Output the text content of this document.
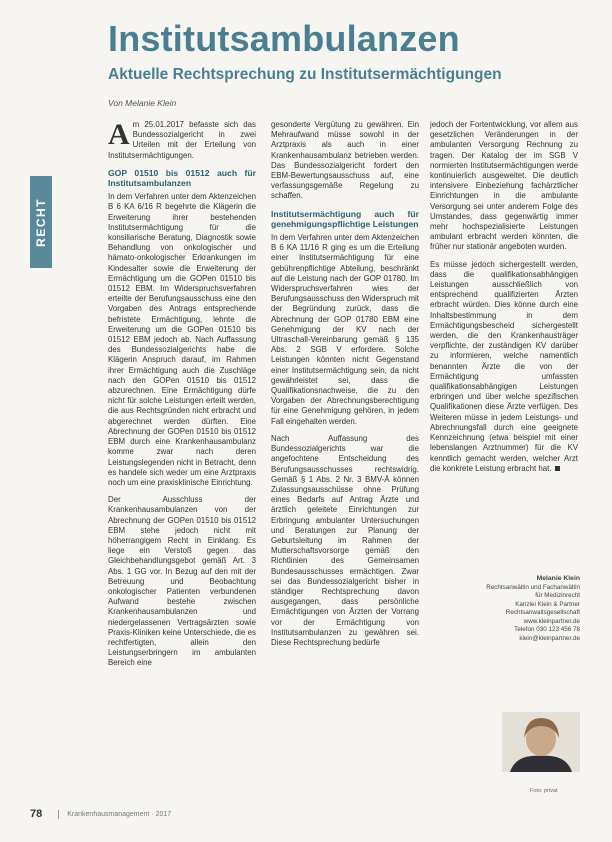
RECHT
Institutsambulanzen
Aktuelle Rechtsprechung zu Institutsermächtigungen
Von Melanie Klein

Am 25.01.2017 befasste sich das Bundessozialgericht in zwei Urteilen mit der Erteilung von Institutsermächtigungen.

GOP 01510 bis 01512 auch für Institutsambulanzen

In dem Verfahren unter dem Aktenzeichen B 6 KA 6/16 R begehrte die Klägerin die Erweiterung ihrer bestehenden Institutsermächtigung für die konsiliarische Beratung, Diagnostik sowie Behandlung von onkologischer und hämato-onkologischer Erkrankungen im Kindesalter sowie die Erweiterung der Ermächtigung um die GOPen 01510 bis 01512 EBM. Im Widerspruchsverfahren erteilte der Berufungsausschuss eine den Vorgaben des Antrags entsprechende befristete Ermächtigung, lehnte die Erweiterung um die GOPen 01510 bis 01512 EBM jedoch ab. Nach Auffassung des Bundessozialgerichts habe die Klägerin Anspruch darauf, im Rahmen ihrer Ermächtigung auch die Zuschläge nach den GOPen 01510 bis 01512 abzurechnen. Eine Ermächtigung dürfe nicht für solche Leistungen erteilt werden, die aus Rechtsgründen nicht erbracht und abgerechnet werden dürften. Eine Abrechnung der GOPen 01510 bis 01512 EBM durch eine Krankenhausambulanz komme zwar nach deren Leistungslegenden nicht in Betracht, denn es handele sich weder um eine Arztpraxis noch um eine praxisklinische Einrichtung.

Der Ausschluss der Krankenhausambulanzen von der Abrechnung der GOPen 01510 bis 01512 EBM stehe jedoch nicht mit höherrangigem Recht in Einklang. Es liege ein Verstoß gegen das Gleichbehandlungsgebot gemäß Art. 3 Abs. 1 GG vor. In Bezug auf den mit der Betreuung und Beobachtung onkologischer Patienten verbundenen Aufwand bestehe zwischen Krankenhausambulanzen und niedergelassenen Vertragsärzten sowie Praxis-Kliniken keine Unterschiede, die es rechtfertigten, allein den Leistungserbringern im ambulanten Bereich eine

gesonderte Vergütung zu gewähren. Ein Mehraufwand müsse sowohl in der Arztpraxis als auch in einer Krankenhausambulanz betrieben werden. Das Bundessozialgericht fordert den EBM-Bewertungsausschuss auf, eine verfassungsgemäße Regelung zu schaffen.

Institutsermächtigung auch für genehmigungspflichtige Leistungen

In dem Verfahren unter dem Aktenzeichen B 6 KA 11/16 R ging es um die Erteilung einer Institutsermächtigung für eine gebührenpflichtige Abteilung, beschränkt auf die Leistung nach der GOP 01780. Im Widerspruchsverfahren wies der Berufungsausschuss den Widerspruch mit der Begründung zurück, dass die Abrechnung der GOP 01780 EBM eine Genehmigung der KV nach der Ultraschall-Vereinbarung gemäß § 135 Abs. 2 SGB V erfordere. Solche Leistungen könnten nicht Gegenstand einer Institutsermächtigung sein, da nicht gewährleistet sei, dass die Qualifikationsnachweise, die zu den Vorgaben der Abrechnungsberechtigung für eine Genehmigung gehören, in jedem Fall eingehalten werden.

Nach Auffassung des Bundessozialgerichts war die angefochtene Entscheidung des Berufungsausschusses rechtswidrig. Gemäß § 1 Abs. 2 Nr. 3 BMV-Ä können Zulassungsausschüsse ohne Prüfung eines Bedarfs auf Antrag Ärzte und ärztlich geleitete Einrichtungen zur Erbringung ambulanter Untersuchungen und Beratungen zur Planung der Geburtsleitung im Rahmen der Mutterschaftsvorsorge gemäß den Richtlinien des Gemeinsamen Bundesausschusses ermächtigen. Zwar sei das Bundessozialgericht bisher in ständiger Rechtsprechung davon ausgegangen, dass persönliche Ermächtigungen von Ärzten der Vorrang vor der Ermächtigung von Institutsambulanzen zu gewähren sei. Diese Rechtsprechung bedürfe

jedoch der Fortentwicklung, vor allem aus gesetzlichen Veränderungen in der ambulanten Versorgung Rechnung zu tragen. Der Katalog der im SGB V normierten Institutsermächtigungen werde kontinuierlich ausgeweitet. Die deutlich intensivere Einbeziehung fachärztlicher Einrichtungen in die ambulante Versorgung sei unter anderem Folge des Umstandes, dass gegenwärtig immer mehr hochspezialisierte Leistungen ambulant erbracht werden könnten, die früher nur stationär angeboten wurden.

Es müsse jedoch sichergestellt werden, dass die qualifikationsabhängigen Leistungen ausschließlich von entsprechend qualifizierten Ärzten erbracht würden. Dies könne durch eine Inhaltsbestimmung in dem Ermächtigungsbescheid sichergestellt werden, die den Krankenhausträger verpflichte, der zuständigen KV darüber zu informieren, welche namentlich benannten Ärzte die von der Ermächtigung umfassten qualifikationsabhängigen Leistungen erbringen und über welche spezifischen Qualifikationen diese Ärzte verfügen. Des Weiteren müsse in jedem Leistungs- und Abrechnungsfall durch eine geeignete Kennzeichnung (etwa beispiel mit einer lebenslangen Arztnummer) für die KV kenntlich gemacht werden, welcher Arzt die konkrete Leistung erbracht hat.

Melanie Klein
Rechtsanwältin und Fachanwältin
für Medizinrecht
Kanzlei Klein & Partner
Rechtsanwaltsgesellschaft
www.kleinpartner.de
Telefon 030 123 456 78
klein@kleinpartner.de
Foto: privat
78	Krankenhausmanagement · 2017
